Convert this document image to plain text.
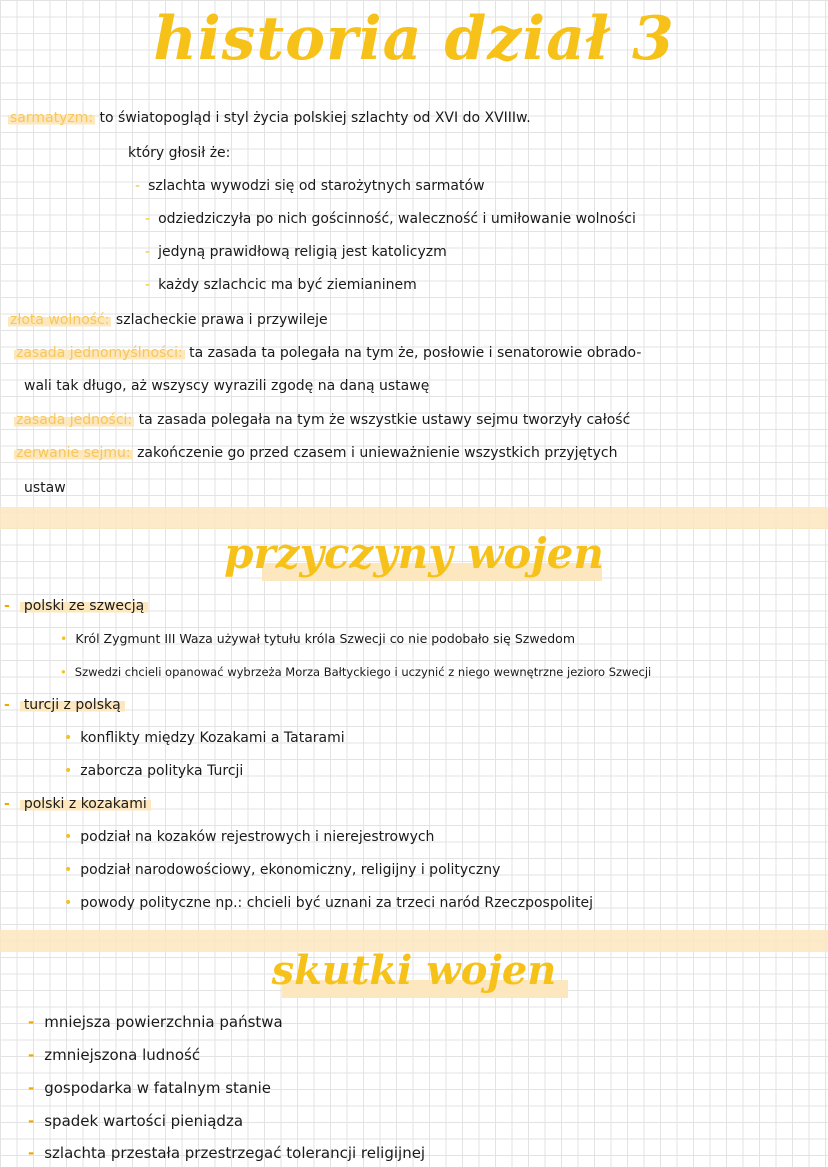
historia dział 3
sarmatyzm: to światopogląd i styl życia polskiej szlachty od XVI do XVIIIw.
który głosił że:
- szlachta wywodzi się od starożytnych sarmatów
- odziedziczyła po nich gościnność, waleczność i umiłowanie wolności
- jedyną prawidłową religią jest katolicyzm
- każdy szlachcic ma być ziemianinem
złota wolność: szlacheckie prawa i przywileje
zasada jednomyślności: ta zasada ta polegała na tym że, posłowie i senatorowie obrado-
wali tak długo, aż wszyscy wyrazili zgodę na daną ustawę
zasada jedności: ta zasada polegała na tym że wszystkie ustawy sejmu tworzyły całość
zerwanie sejmu: zakończenie go przed czasem i unieważnienie wszystkich przyjętych
ustaw
przyczyny wojen
- polski ze szwecją
• Król Zygmunt III Waza używał tytułu króla Szwecji co nie podobało się Szwedom
• Szwedzi chcieli opanować wybrzeża Morza Bałtyckiego i uczynić z niego wewnętrzne jezioro Szwecji
- turcji z polską
• konflikty między Kozakami a Tatarami
• zaborcza polityka Turcji
- polski z kozakami
• podział na kozaków rejestrowych i nierejestrowych
• podział narodowościowy, ekonomiczny, religijny i polityczny
• powody polityczne np.: chcieli być uznani za trzeci naród Rzeczpospolitej
skutki wojen
- mniejsza powierzchnia państwa
- zmniejszona ludność
- gospodarka w fatalnym stanie
- spadek wartości pieniądza
- szlachta przestała przestrzegać tolerancji religijnej
